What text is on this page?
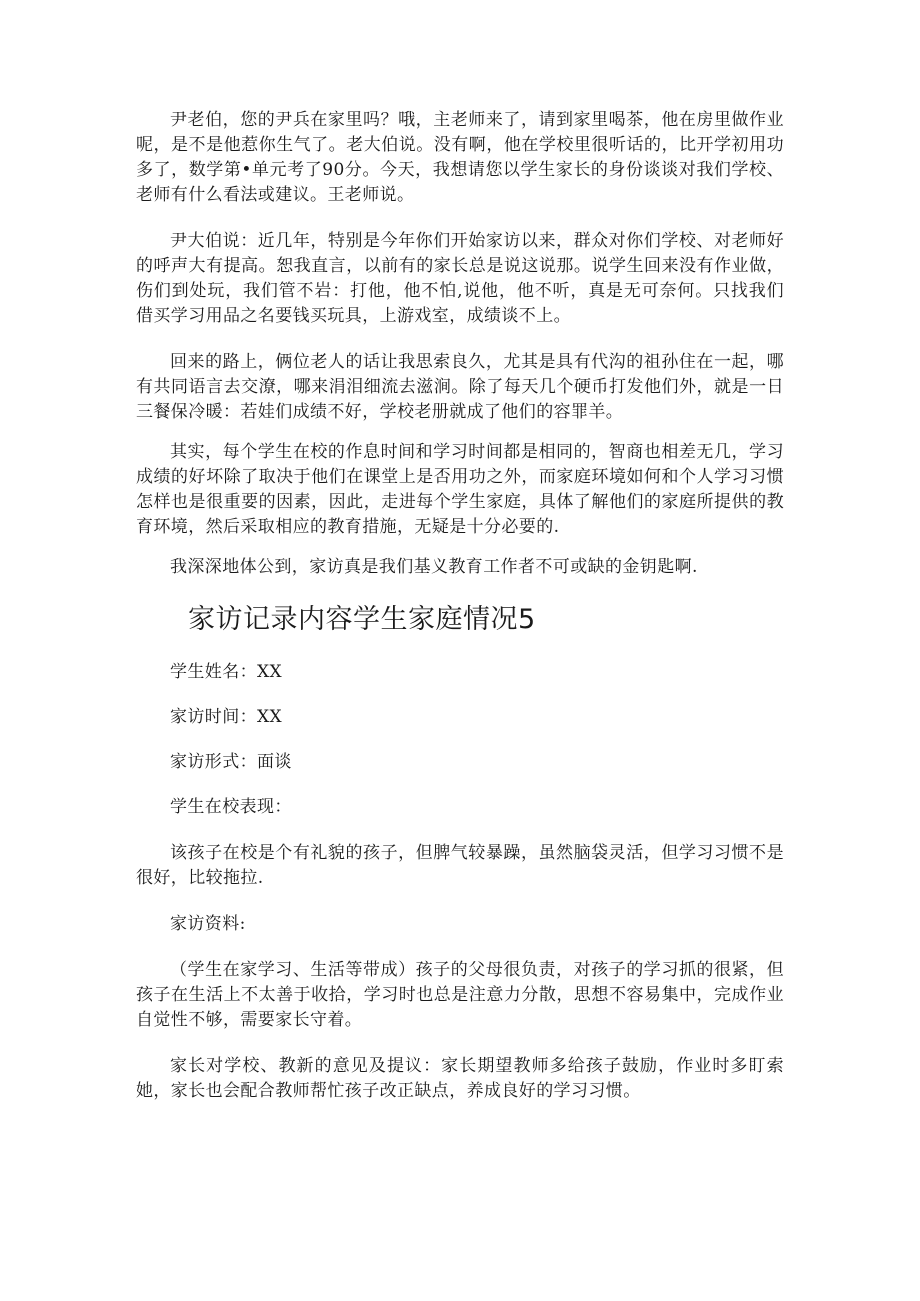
尹老伯，您的尹兵在家里吗？哦，主老师来了，请到家里喝茶，他在房里做作业呢，是不是他惹你生气了。老大伯说。没有啊，他在学校里很听话的，比开学初用功多了，数学第•单元考了90分。今天，我想请您以学生家长的身份谈谈对我们学校、老师有什么看法或建议。王老师说。

尹大伯说：近几年，特别是今年你们开始家访以来，群众对你们学校、对老师好的呼声大有提高。恕我直言，以前有的家长总是说这说那。说学生回来没有作业做，伤们到处玩，我们管不岩：打他，他不怕,说他，他不听，真是无可奈何。只找我们借买学习用品之名要钱买玩具，上游戏室，成绩谈不上。

回来的路上，俩位老人的话让我思索良久，尤其是具有代沟的祖孙住在一起，哪有共同语言去交潦，哪来涓泪细流去滋涧。除了每天几个硬币打发他们外，就是一日三餐保冷暖：若娃们成绩不好，学校老册就成了他们的容罪羊。

其实，每个学生在校的作息时间和学习时间都是相同的，智商也相差无几，学习成绩的好坏除了取决于他们在课堂上是否用功之外，而家庭环境如何和个人学习习惯怎样也是很重要的因素，因此，走进每个学生家庭，具体了解他们的家庭所提供的教育环境，然后采取相应的教育措施，无疑是十分必要的.

我深深地体公到，家访真是我们基义教育工作者不可或缺的金钥匙啊.

家访记录内容学生家庭情况5

学生姓名：XX

家访时间：XX

家访形式：面谈

学生在校表现：

该孩子在校是个有礼貌的孩子，但脾气较暴躁，虽然脑袋灵活，但学习习惯不是很好，比较拖拉.

家访资料:

（学生在家学习、生活等带成）孩子的父母很负责，对孩子的学习抓的很紧，但孩子在生活上不太善于收拾，学习时也总是注意力分散，思想不容易集中，完成作业自觉性不够，需要家长守着。

家长对学校、教新的意见及提议：家长期望教师多给孩子鼓励，作业时多盯索她，家长也会配合教师帮忙孩子改正缺点，养成良好的学习习惯。
